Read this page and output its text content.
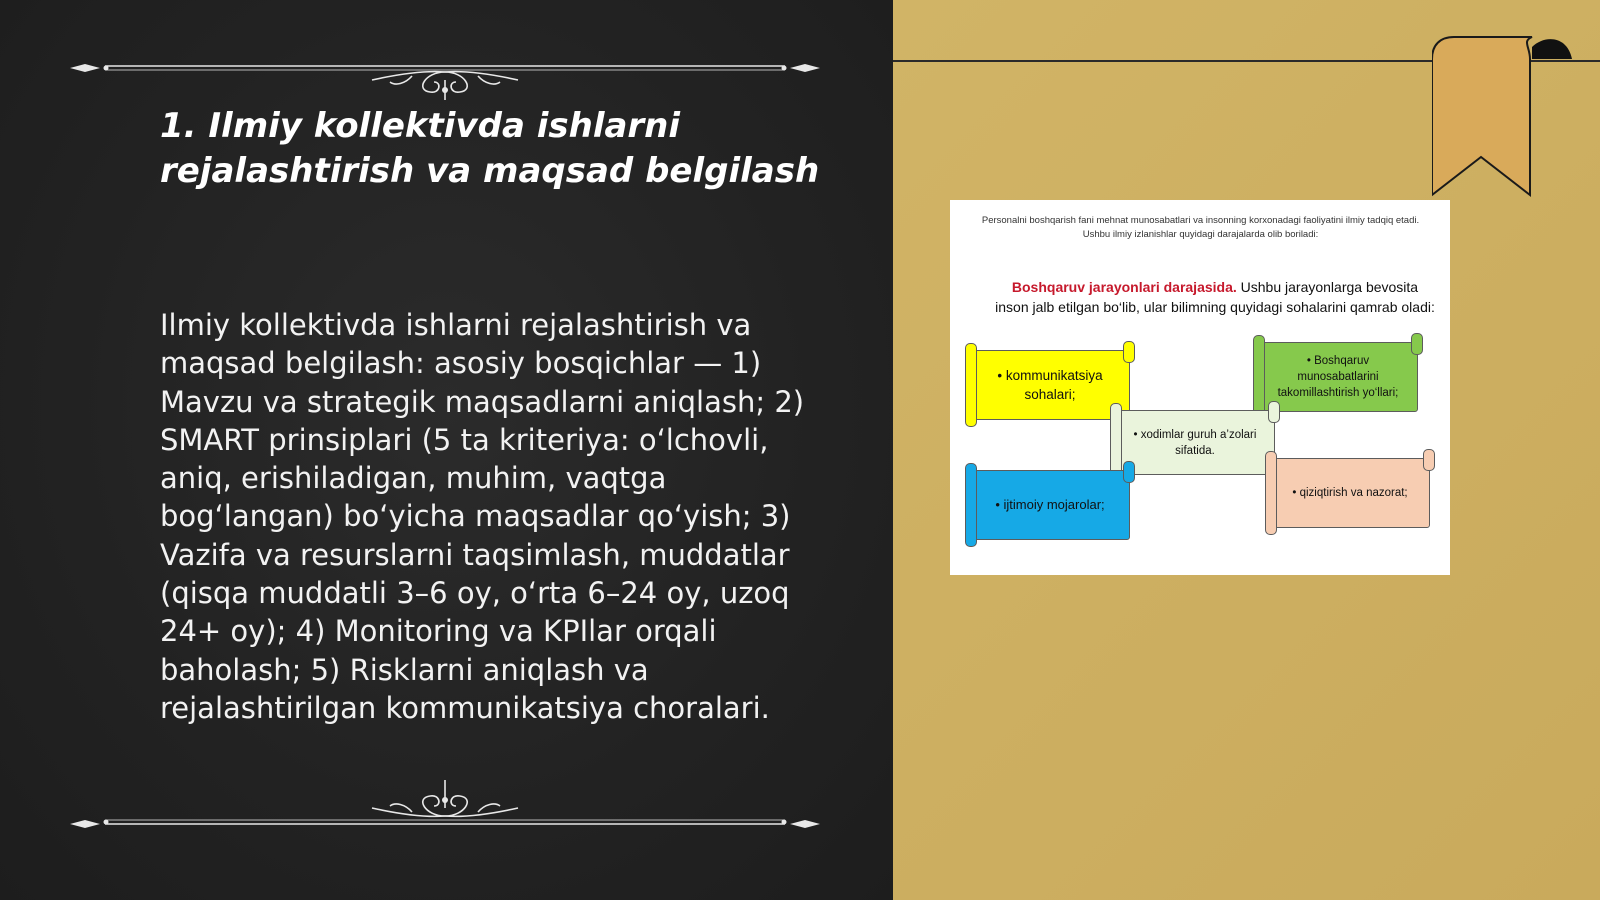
1. Ilmiy kollektivda ishlarni rejalashtirish va maqsad belgilash

Ilmiy kollektivda ishlarni rejalashtirish va maqsad belgilash: asosiy bosqichlar — 1) Mavzu va strategik maqsadlarni aniqlash; 2) SMART prinsiplari (5 ta kriteriya: o‘lchovli, aniq, erishiladigan, muhim, vaqtga bog‘langan) bo‘yicha maqsadlar qo‘yish; 3) Vazifa va resurslarni taqsimlash, muddatlar (qisqa muddatli 3–6 oy, o‘rta 6–24 oy, uzoq 24+ oy); 4) Monitoring va KPIlar orqali baholash; 5) Risklarni aniqlash va rejalashtirilgan kommunikatsiya choralari.

Personalni boshqarish fani mehnat munosabatlari va insonning korxonadagi faoliyatini ilmiy tadqiq etadi. Ushbu ilmiy izlanishlar quyidagi darajalarda olib boriladi:

Boshqaruv jarayonlari darajasida. Ushbu jarayonlarga bevosita inson jalb etilgan bo‘lib, ular bilimning quyidagi sohalarini qamrab oladi:

• kommunikatsiya sohalari;
• Boshqaruv munosabatlarini takomillashtirish yo‘llari;
• xodimlar guruh a’zolari sifatida.
• ijtimoiy mojarolar;
• qiziqtirish va nazorat;
